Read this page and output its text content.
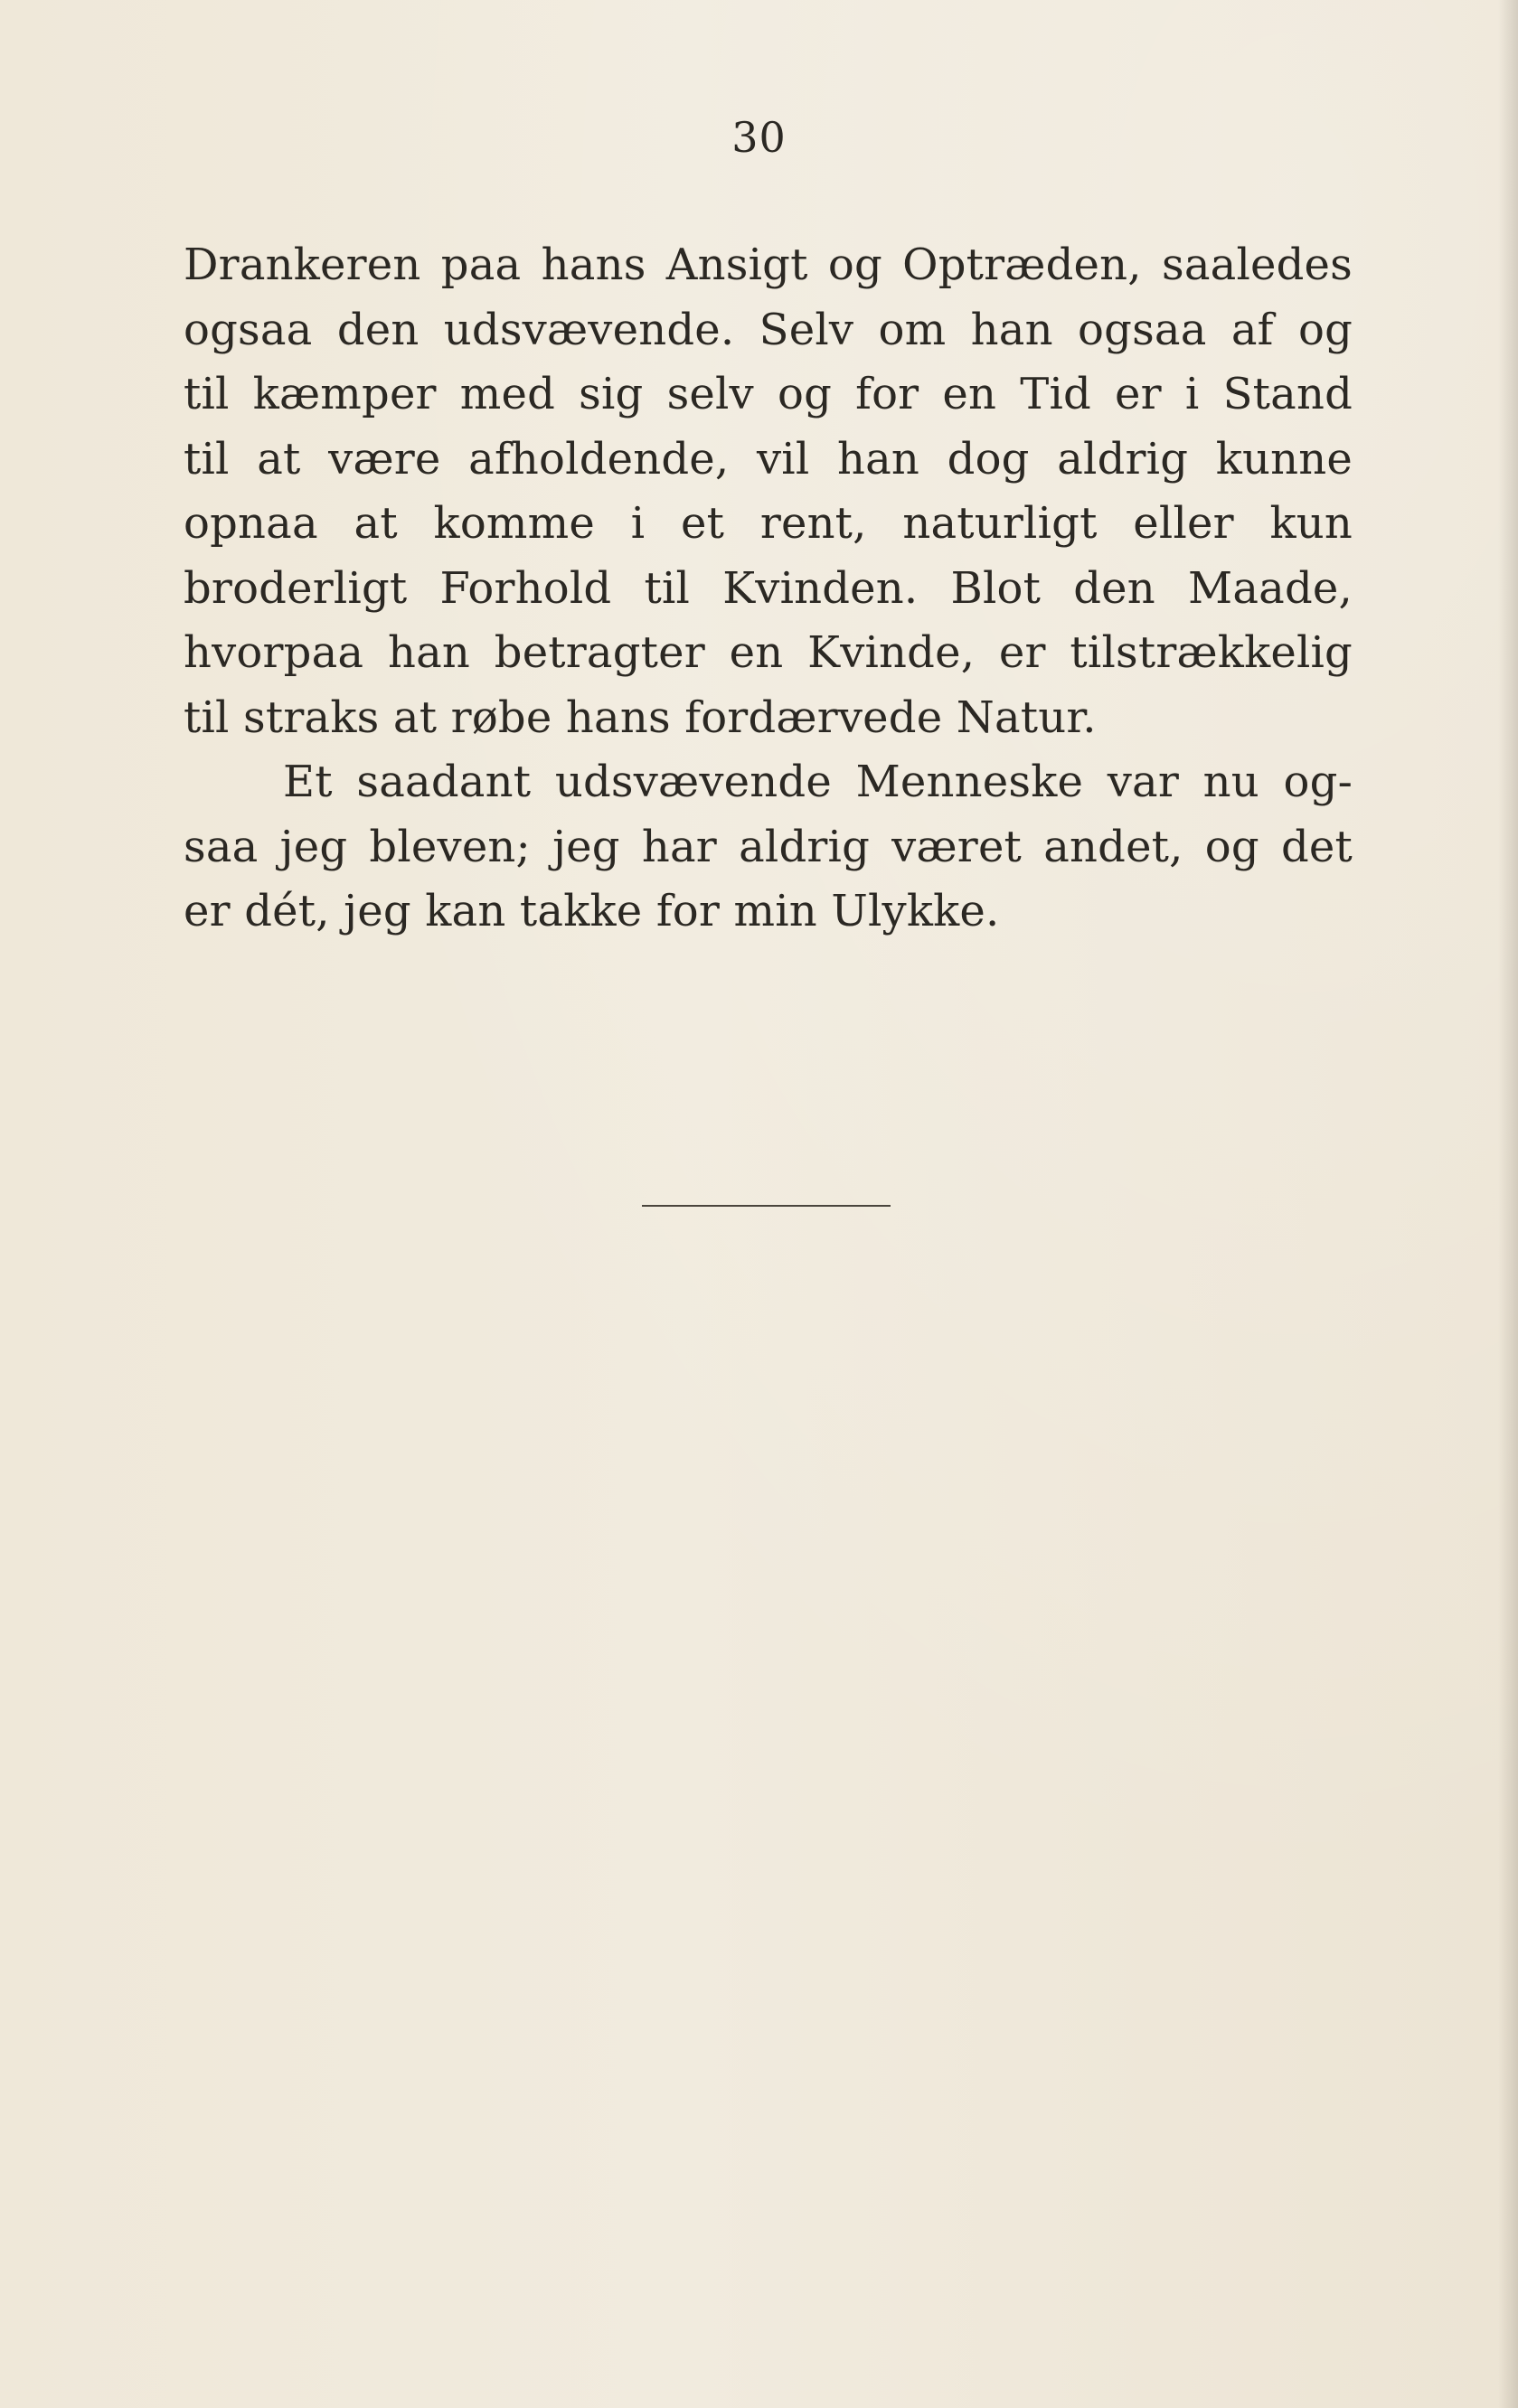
30
Drankeren paa hans Ansigt og Optræden, saaledes
ogsaa den udsvævende. Selv om han ogsaa af og
til kæmper med sig selv og for en Tid er i Stand
til at være afholdende, vil han dog aldrig kunne
opnaa at komme i et rent, naturligt eller kun
broderligt Forhold til Kvinden. Blot den Maade,
hvorpaa han betragter en Kvinde, er tilstrækkelig
til straks at røbe hans fordærvede Natur.
Et saadant udsvævende Menneske var nu og-
saa jeg bleven; jeg har aldrig været andet, og det
er dét, jeg kan takke for min Ulykke.
